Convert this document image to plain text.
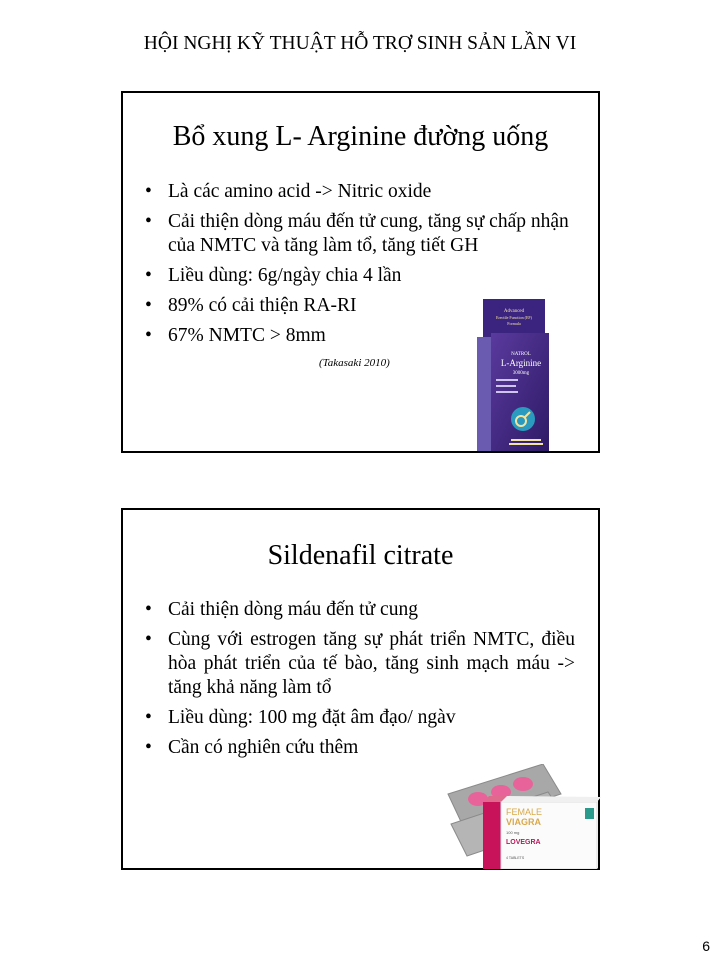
HỘI NGHỊ KỸ THUẬT HỖ TRỢ SINH SẢN LẦN VI
Bổ xung L- Arginine đường uống
• Là các amino acid -> Nitric oxide
• Cải thiện dòng máu đến tử cung, tăng sự chấp nhận của NMTC và tăng làm tổ, tăng tiết GH
• Liều dùng: 6g/ngày chia 4 lần
• 89% có cải thiện RA-RI
• 67% NMTC > 8mm
(Takasaki 2010)
Advanced
Erectile Function (EF)
Formula
NATROL
L-Arginine
3000mg
Sildenafil citrate
• Cải thiện dòng máu đến tử cung
• Cùng với estrogen tăng sự phát triển NMTC, điều hòa phát triển của tế bào, tăng sinh mạch máu -> tăng khả năng làm tổ
• Liều dùng: 100 mg đặt âm đạo/ ngàv
• Cần có nghiên cứu thêm
FEMALE
VIAGRA
100 mg
LOVEGRA
4 TABLETS
6
